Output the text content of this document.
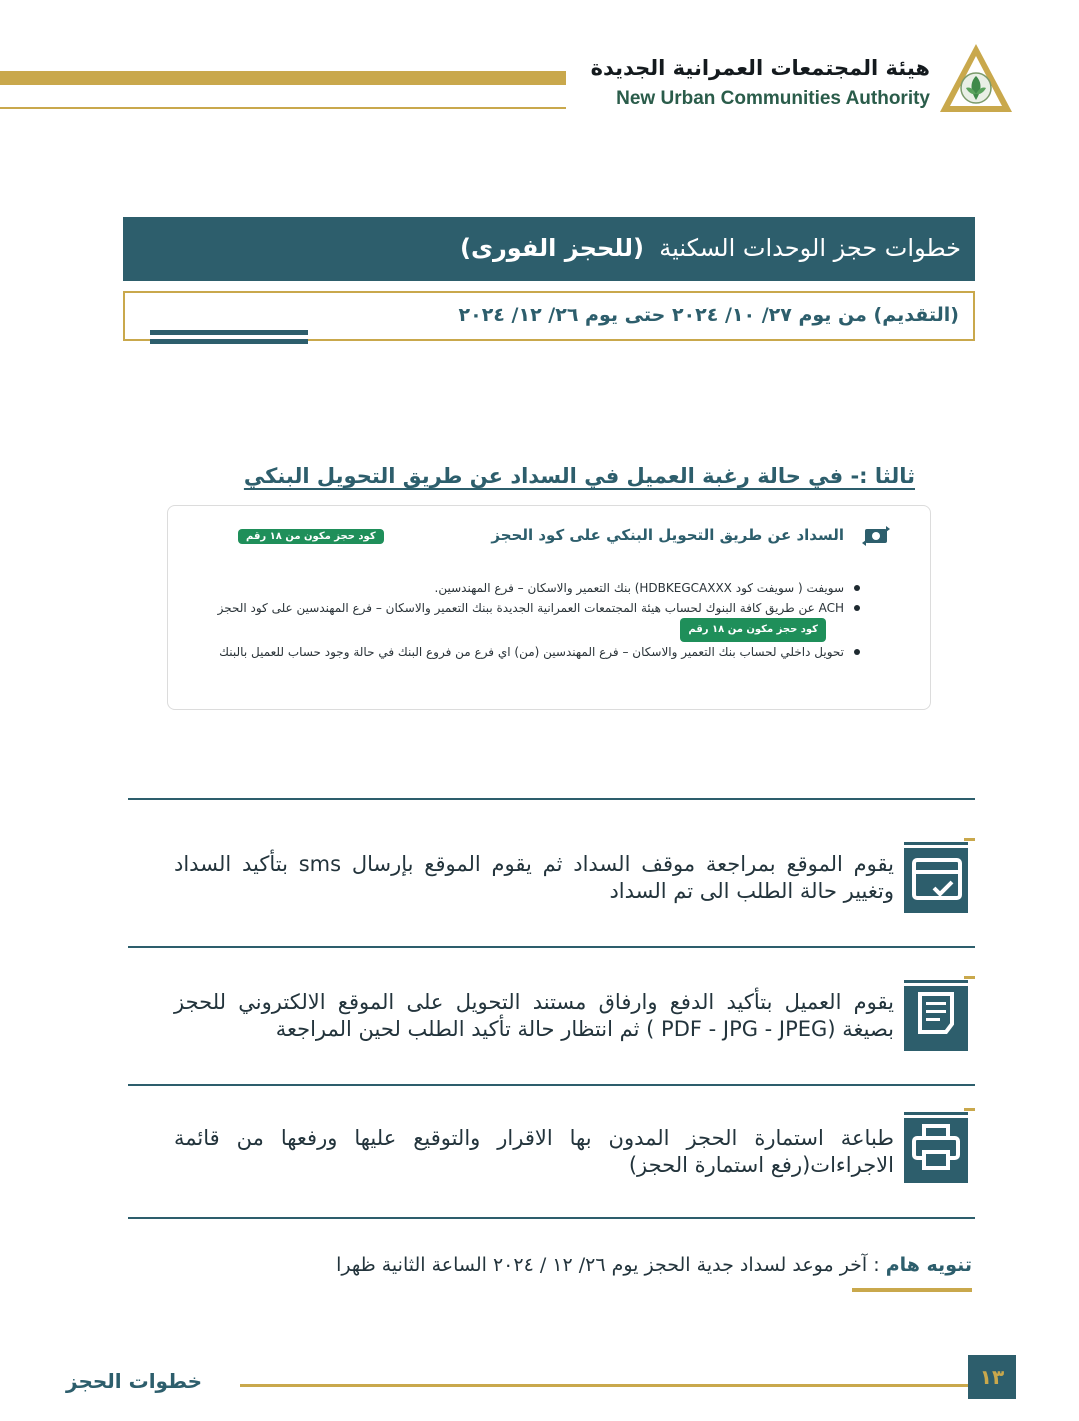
هيئة المجتمعات العمرانية الجديدة
New Urban Communities Authority
خطوات حجز الوحدات السكنية  (للحجز الفورى)
(التقديم) من يوم ٢٧/ ١٠/ ٢٠٢٤ حتى يوم ٢٦/ ١٢/ ٢٠٢٤
ثالثا :- في حالة رغبة العميل في السداد عن طريق التحويل البنكي
السداد عن طريق التحويل البنكي على كود الحجز
كود حجز مكون من ١٨ رقم
سويفت ( سويفت كود HDBKEGCAXXX) بنك التعمير والاسكان – فرع المهندسين.
ACH عن طريق كافة البنوك لحساب هيئة المجتمعات العمرانية الجديدة ببنك التعمير والاسكان – فرع المهندسين على كود الحجزكود حجز مكون من ١٨ رقم
تحويل داخلي لحساب بنك التعمير والاسكان – فرع المهندسين (من) اي فرع من فروع البنك في حالة وجود حساب للعميل بالبنك
يقوم الموقع بمراجعة موقف السداد ثم يقوم الموقع بإرسال sms بتأكيد السداد وتغيير حالة الطلب الى تم السداد
يقوم العميل بتأكيد الدفع وارفاق مستند التحويل على الموقع الالكتروني للحجز بصيغة (PDF - JPG - JPEG ) ثم انتظار حالة تأكيد الطلب لحين المراجعة
طباعة استمارة الحجز المدون بها الاقرار والتوقيع عليها ورفعها من قائمة الاجراءات(رفع استمارة الحجز)
تنويه هام : آخر موعد لسداد جدية الحجز يوم ٢٦/ ١٢ / ٢٠٢٤ الساعة الثانية ظهرا
خطوات الحجز	١٣
